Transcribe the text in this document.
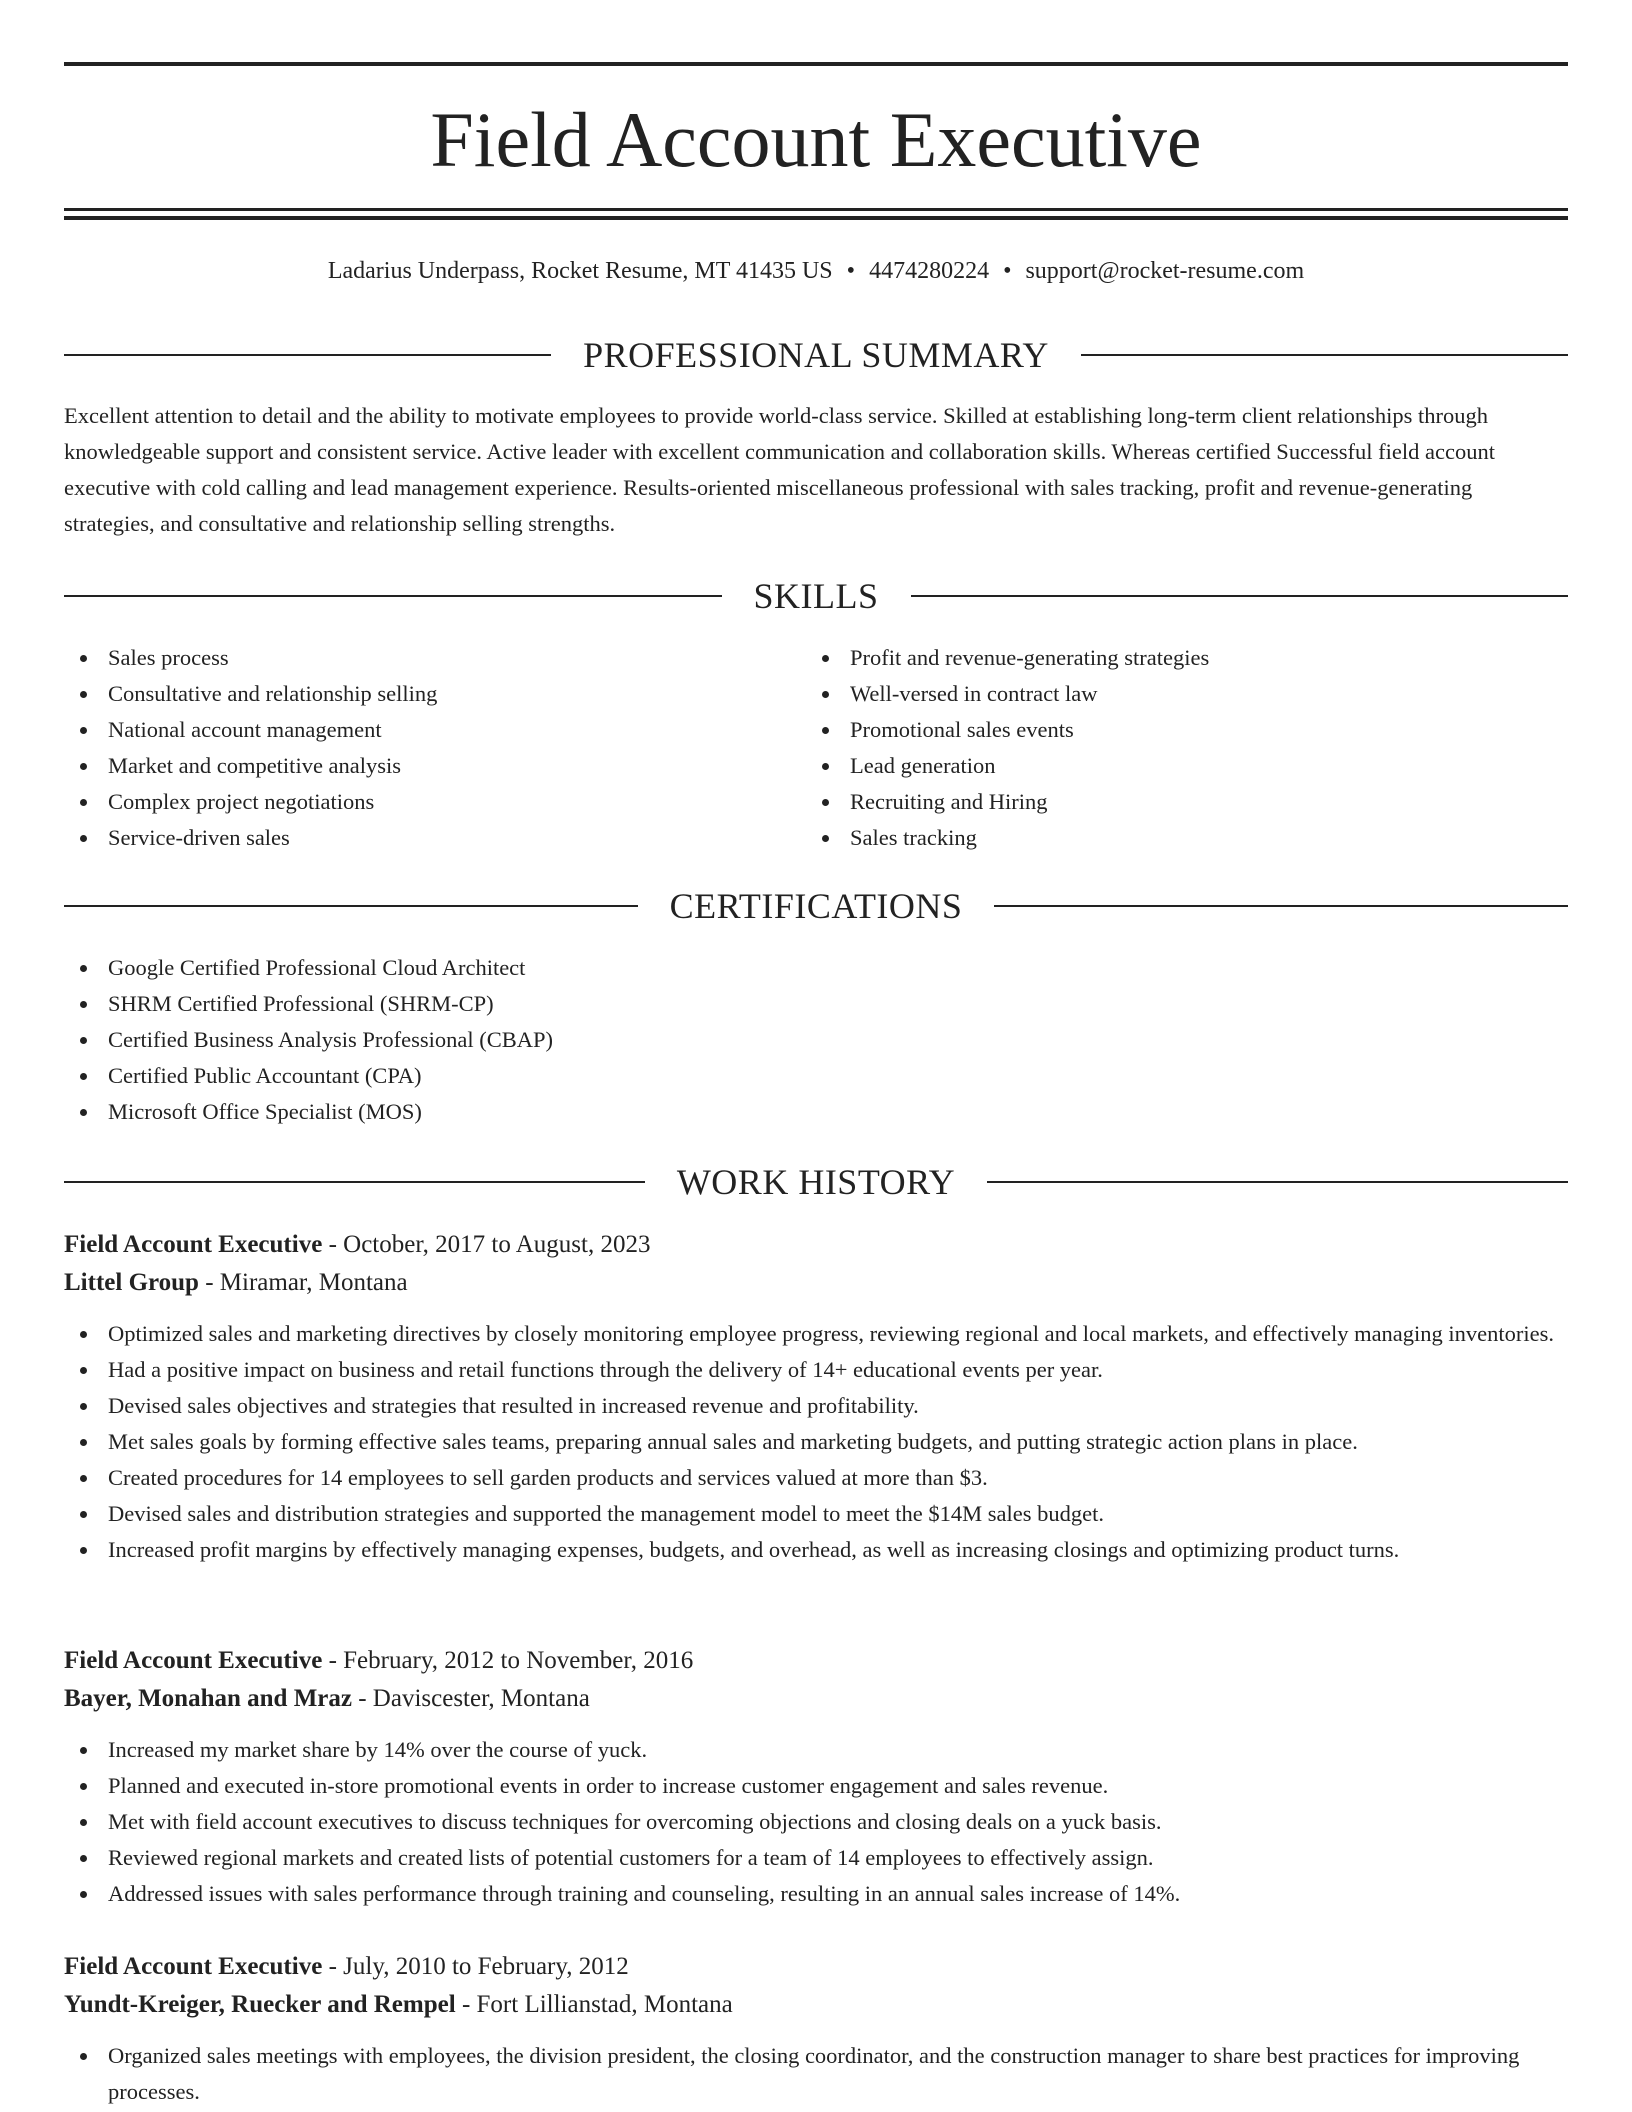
Field Account Executive
Ladarius Underpass, Rocket Resume, MT 41435 US • 4474280224 • support@rocket-resume.com
PROFESSIONAL SUMMARY

Excellent attention to detail and the ability to motivate employees to provide world-class service. Skilled at establishing long-term client relationships through knowledgeable support and consistent service. Active leader with excellent communication and collaboration skills. Whereas certified Successful field account executive with cold calling and lead management experience. Results-oriented miscellaneous professional with sales tracking, profit and revenue-generating strategies, and consultative and relationship selling strengths.

SKILLS
Sales process
Consultative and relationship selling
National account management
Market and competitive analysis
Complex project negotiations
Service-driven sales
Profit and revenue-generating strategies
Well-versed in contract law
Promotional sales events
Lead generation
Recruiting and Hiring
Sales tracking
CERTIFICATIONS
Google Certified Professional Cloud Architect
SHRM Certified Professional (SHRM-CP)
Certified Business Analysis Professional (CBAP)
Certified Public Accountant (CPA)
Microsoft Office Specialist (MOS)
WORK HISTORY
Field Account Executive - October, 2017 to August, 2023
Littel Group - Miramar, Montana
Optimized sales and marketing directives by closely monitoring employee progress, reviewing regional and local markets, and effectively managing inventories.
Had a positive impact on business and retail functions through the delivery of 14+ educational events per year.
Devised sales objectives and strategies that resulted in increased revenue and profitability.
Met sales goals by forming effective sales teams, preparing annual sales and marketing budgets, and putting strategic action plans in place.
Created procedures for 14 employees to sell garden products and services valued at more than $3.
Devised sales and distribution strategies and supported the management model to meet the $14M sales budget.
Increased profit margins by effectively managing expenses, budgets, and overhead, as well as increasing closings and optimizing product turns.
Field Account Executive - February, 2012 to November, 2016
Bayer, Monahan and Mraz - Daviscester, Montana
Increased my market share by 14% over the course of yuck.
Planned and executed in-store promotional events in order to increase customer engagement and sales revenue.
Met with field account executives to discuss techniques for overcoming objections and closing deals on a yuck basis.
Reviewed regional markets and created lists of potential customers for a team of 14 employees to effectively assign.
Addressed issues with sales performance through training and counseling, resulting in an annual sales increase of 14%.
Field Account Executive - July, 2010 to February, 2012
Yundt-Kreiger, Ruecker and Rempel - Fort Lillianstad, Montana
Organized sales meetings with employees, the division president, the closing coordinator, and the construction manager to share best practices for improving processes.
